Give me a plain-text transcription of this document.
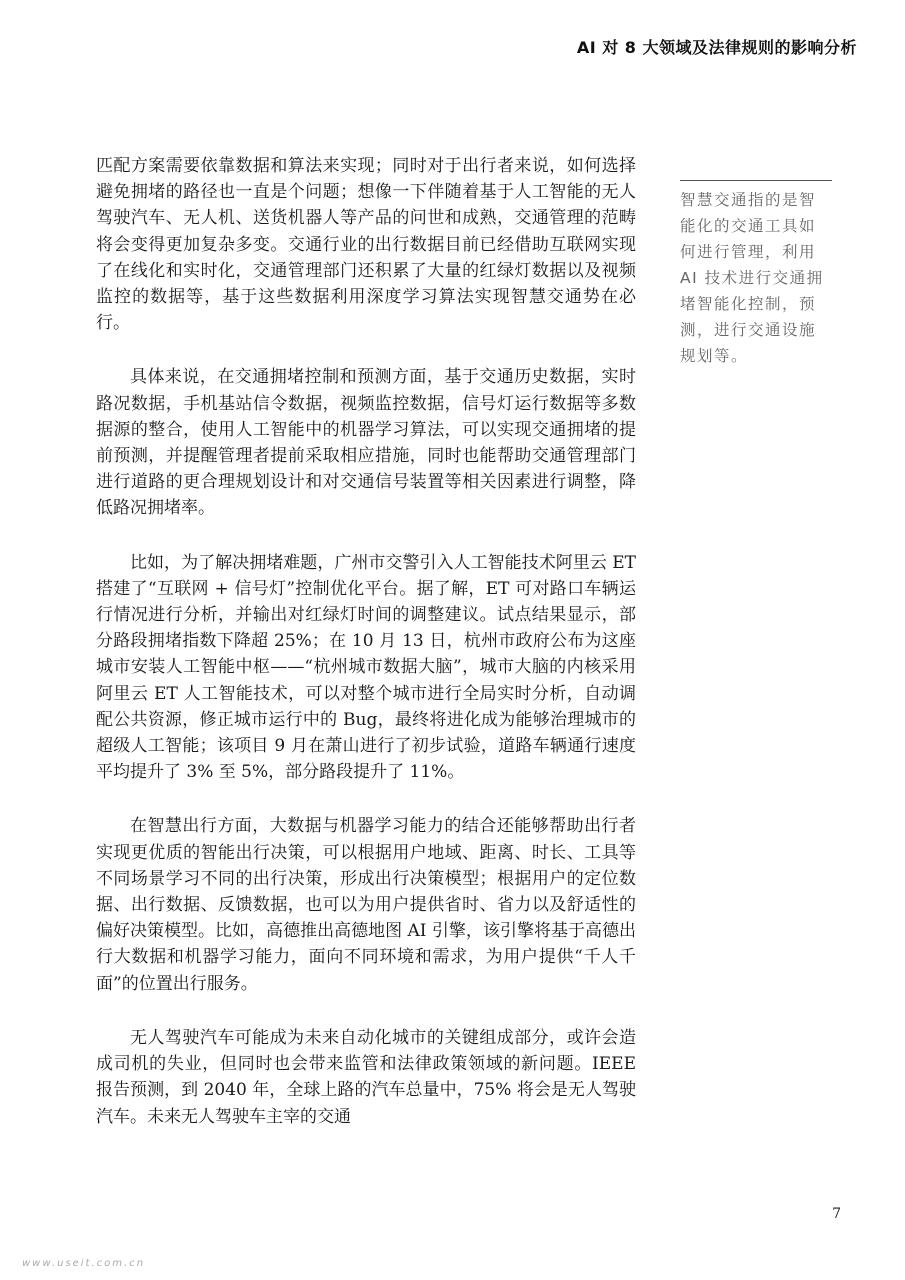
AI 对 8 大领域及法律规则的影响分析

匹配方案需要依靠数据和算法来实现；同时对于出行者来说，如何选择避免拥堵的路径也一直是个问题；想像一下伴随着基于人工智能的无人驾驶汽车、无人机、送货机器人等产品的问世和成熟，交通管理的范畴将会变得更加复杂多变。交通行业的出行数据目前已经借助互联网实现了在线化和实时化，交通管理部门还积累了大量的红绿灯数据以及视频监控的数据等，基于这些数据利用深度学习算法实现智慧交通势在必行。

具体来说，在交通拥堵控制和预测方面，基于交通历史数据，实时路况数据，手机基站信令数据，视频监控数据，信号灯运行数据等多数据源的整合，使用人工智能中的机器学习算法，可以实现交通拥堵的提前预测，并提醒管理者提前采取相应措施，同时也能帮助交通管理部门进行道路的更合理规划设计和对交通信号装置等相关因素进行调整，降低路况拥堵率。

比如，为了解决拥堵难题，广州市交警引入人工智能技术阿里云 ET 搭建了“互联网 + 信号灯”控制优化平台。据了解，ET 可对路口车辆运行情况进行分析，并输出对红绿灯时间的调整建议。试点结果显示，部分路段拥堵指数下降超 25%；在 10 月 13 日，杭州市政府公布为这座城市安装人工智能中枢——“杭州城市数据大脑”，城市大脑的内核采用阿里云 ET 人工智能技术，可以对整个城市进行全局实时分析，自动调配公共资源，修正城市运行中的 Bug，最终将进化成为能够治理城市的超级人工智能；该项目 9 月在萧山进行了初步试验，道路车辆通行速度平均提升了 3% 至 5%，部分路段提升了 11%。

在智慧出行方面，大数据与机器学习能力的结合还能够帮助出行者实现更优质的智能出行决策，可以根据用户地域、距离、时长、工具等不同场景学习不同的出行决策，形成出行决策模型；根据用户的定位数据、出行数据、反馈数据，也可以为用户提供省时、省力以及舒适性的偏好决策模型。比如，高德推出高德地图 AI 引擎，该引擎将基于高德出行大数据和机器学习能力，面向不同环境和需求，为用户提供“千人千面”的位置出行服务。

无人驾驶汽车可能成为未来自动化城市的关键组成部分，或许会造成司机的失业，但同时也会带来监管和法律政策领域的新问题。IEEE 报告预测，到 2040 年，全球上路的汽车总量中，75% 将会是无人驾驶汽车。未来无人驾驶车主宰的交通

智慧交通指的是智能化的交通工具如何进行管理，利用 AI 技术进行交通拥堵智能化控制，预测，进行交通设施规划等。
7
www.useit.com.cn
